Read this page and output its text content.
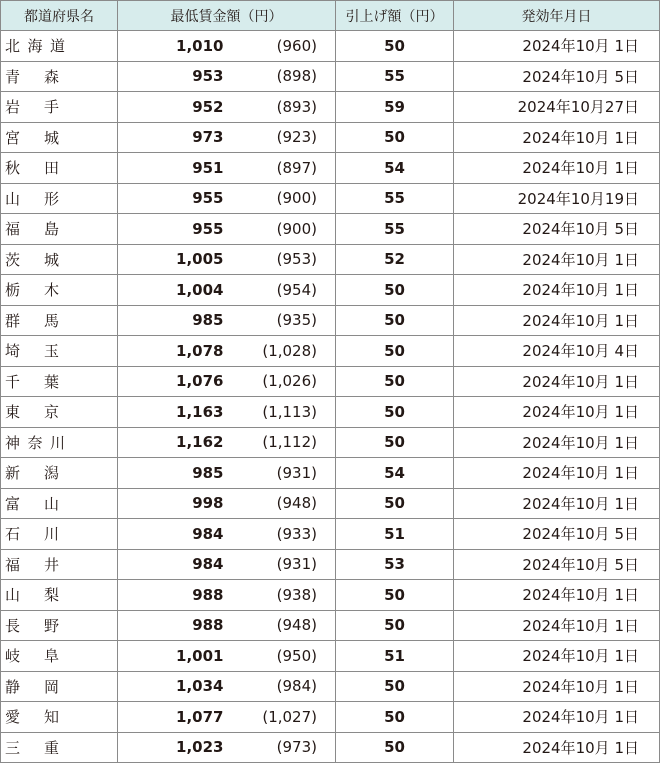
都道府県名	最低賃金額（円）		引上げ額（円）	発効年月日

北 海 道	1,010	(960)	50	2024年10月 1日

青 森	953	(898)	55	2024年10月 5日

岩 手	952	(893)	59	2024年10月27日

宮 城	973	(923)	50	2024年10月 1日

秋 田	951	(897)	54	2024年10月 1日

山 形	955	(900)	55	2024年10月19日

福 島	955	(900)	55	2024年10月 5日

茨 城	1,005	(953)	52	2024年10月 1日

栃 木	1,004	(954)	50	2024年10月 1日

群 馬	985	(935)	50	2024年10月 1日

埼 玉	1,078	(1,028)	50	2024年10月 4日

千 葉	1,076	(1,026)	50	2024年10月 1日

東 京	1,163	(1,113)	50	2024年10月 1日

神 奈 川	1,162	(1,112)	50	2024年10月 1日

新 潟	985	(931)	54	2024年10月 1日

富 山	998	(948)	50	2024年10月 1日

石 川	984	(933)	51	2024年10月 5日

福 井	984	(931)	53	2024年10月 5日

山 梨	988	(938)	50	2024年10月 1日

長 野	988	(948)	50	2024年10月 1日

岐 阜	1,001	(950)	51	2024年10月 1日

静 岡	1,034	(984)	50	2024年10月 1日

愛 知	1,077	(1,027)	50	2024年10月 1日

三 重	1,023	(973)	50	2024年10月 1日
